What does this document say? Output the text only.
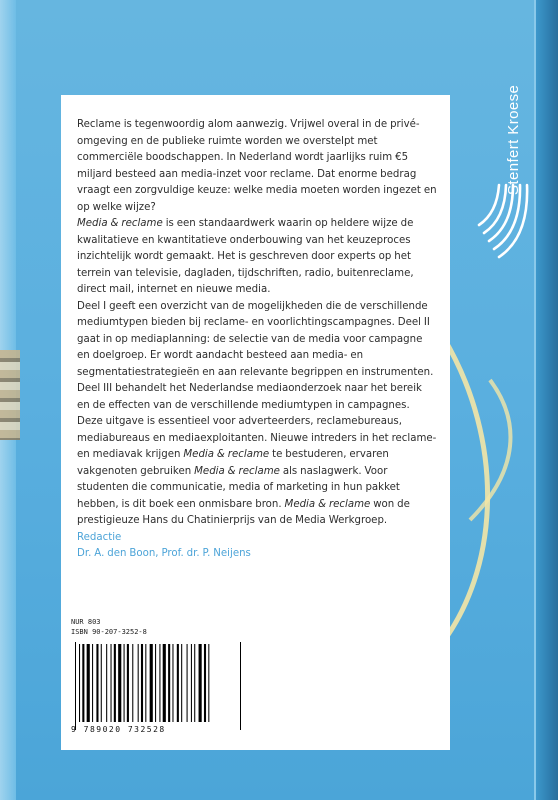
Stenfert Kroese

Reclame is tegenwoordig alom aanwezig. Vrijwel overal in de privé-omgeving en de publieke ruimte worden we overstelpt met commerciële boodschappen. In Nederland wordt jaarlijks ruim €5 miljard besteed aan media-inzet voor reclame. Dat enorme bedrag vraagt een zorgvuldige keuze: welke media moeten worden ingezet en op welke wijze?

Media & reclame is een standaardwerk waarin op heldere wijze de kwalitatieve en kwantitatieve onderbouwing van het keuzeproces inzichtelijk wordt gemaakt. Het is geschreven door experts op het terrein van televisie, dagladen, tijdschriften, radio, buitenreclame, direct mail, internet en nieuwe media.

Deel I geeft een overzicht van de mogelijkheden die de verschillende mediumtypen bieden bij reclame- en voorlichtingscampagnes. Deel II gaat in op mediaplanning: de selectie van de media voor campagne en doelgroep. Er wordt aandacht besteed aan media- en segmentatiestrategieën en aan relevante begrippen en instrumenten. Deel III behandelt het Nederlandse mediaonderzoek naar het bereik en de effecten van de verschillende mediumtypen in campagnes.

Deze uitgave is essentieel voor adverteerders, reclamebureaus, mediabureaus en mediaexploitanten. Nieuwe intreders in het reclame- en mediavak krijgen Media & reclame te bestuderen, ervaren vakgenoten gebruiken Media & reclame als naslagwerk. Voor studenten die communicatie, media of marketing in hun pakket hebben, is dit boek een onmisbare bron. Media & reclame won de prestigieuze Hans du Chatinierprijs van de Media Werkgroep.

Redactie

Dr. A. den Boon, Prof. dr. P. Neijens

NUR 803
ISBN 90-207-3252-8
9 789020 732528
